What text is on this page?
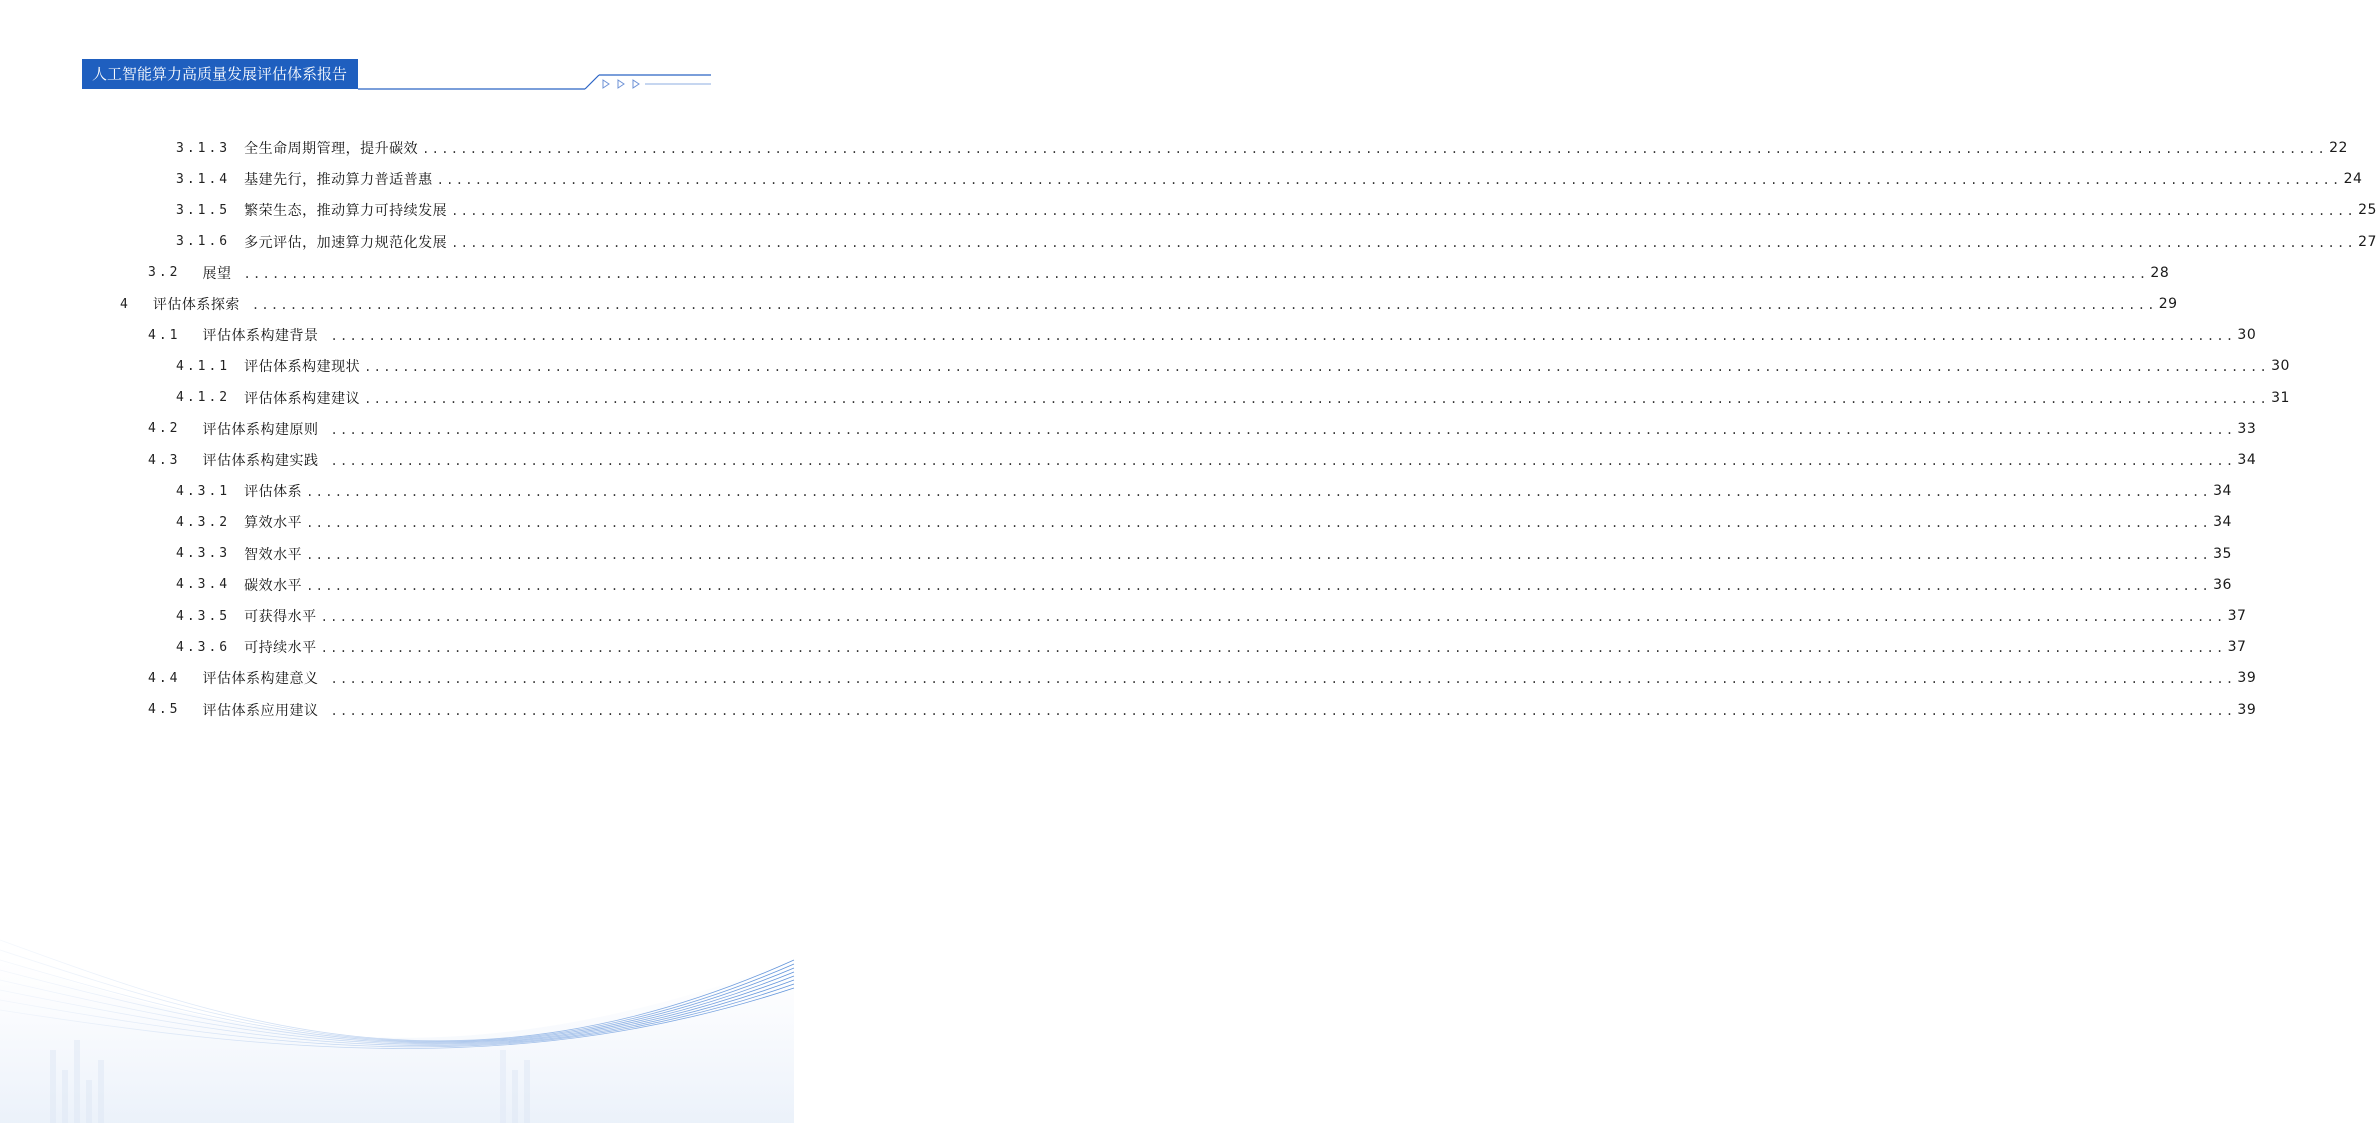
人工智能算力高质量发展评估体系报告
3.1.3 全生命周期管理，提升碳效 ........................................................................................................................................................................................................ 22
3.1.4 基建先行，推动算力普适普惠 ........................................................................................................................................................................................................ 24
3.1.5 繁荣生态，推动算力可持续发展 ........................................................................................................................................................................................................ 25
3.1.6 多元评估，加速算力规范化发展 ........................................................................................................................................................................................................ 27
3.2 展望 ........................................................................................................................................................................................................ 28
4 评估体系探索 ........................................................................................................................................................................................................ 29
4.1 评估体系构建背景 ........................................................................................................................................................................................................ 30
4.1.1 评估体系构建现状 ........................................................................................................................................................................................................ 30
4.1.2 评估体系构建建议 ........................................................................................................................................................................................................ 31
4.2 评估体系构建原则 ........................................................................................................................................................................................................ 33
4.3 评估体系构建实践 ........................................................................................................................................................................................................ 34
4.3.1 评估体系 ........................................................................................................................................................................................................ 34
4.3.2 算效水平 ........................................................................................................................................................................................................ 34
4.3.3 智效水平 ........................................................................................................................................................................................................ 35
4.3.4 碳效水平 ........................................................................................................................................................................................................ 36
4.3.5 可获得水平 ........................................................................................................................................................................................................ 37
4.3.6 可持续水平 ........................................................................................................................................................................................................ 37
4.4 评估体系构建意义 ........................................................................................................................................................................................................ 39
4.5 评估体系应用建议 ........................................................................................................................................................................................................ 39
